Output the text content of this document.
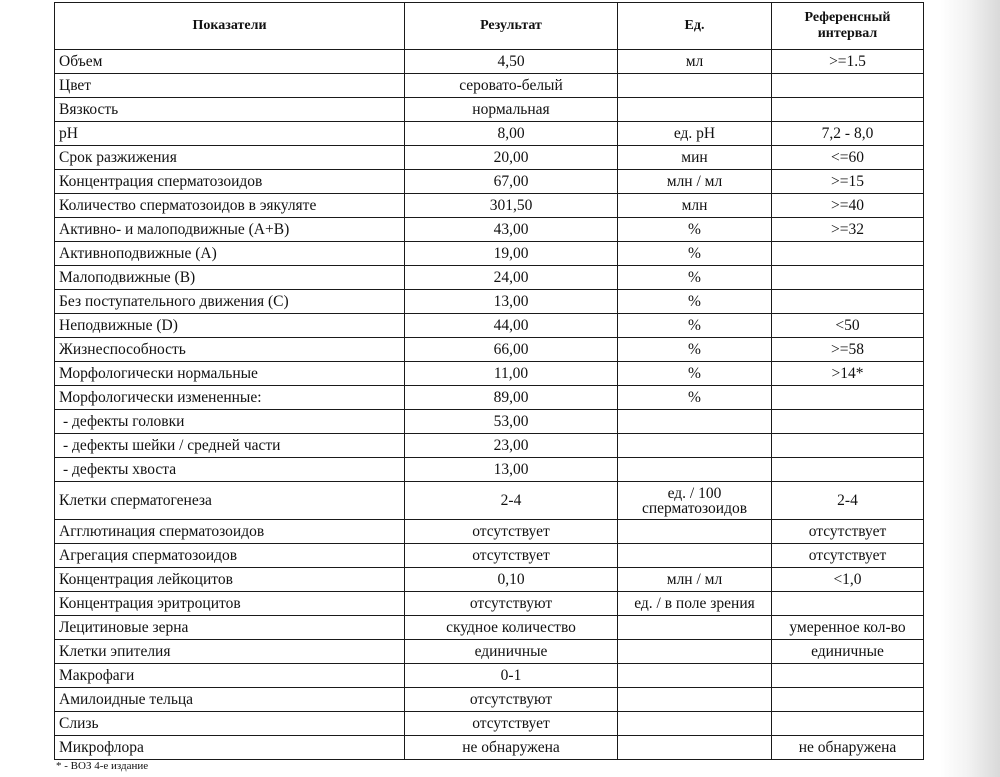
Показатели	Результат	Ед.	Референсный интервал
Объем	4,50	мл	>=1.5
Цвет	серовато-белый		
Вязкость	нормальная		
pH	8,00	ед. pH	7,2 - 8,0
Срок разжижения	20,00	мин	<=60
Концентрация сперматозоидов	67,00	млн / мл	>=15
Количество сперматозоидов в эякуляте	301,50	млн	>=40
Активно- и малоподвижные (A+B)	43,00	%	>=32
Активноподвижные (A)	19,00	%	
Малоподвижные (B)	24,00	%	
Без поступательного движения (C)	13,00	%	
Неподвижные (D)	44,00	%	<50
Жизнеспособность	66,00	%	>=58
Морфологически нормальные	11,00	%	>14*
Морфологически измененные:	89,00	%	
- дефекты головки	53,00		
- дефекты шейки / средней части	23,00		
- дефекты хвоста	13,00		
Клетки сперматогенеза	2-4	ед. / 100 сперматозоидов	2-4
Агглютинация сперматозоидов	отсутствует		отсутствует
Агрегация сперматозоидов	отсутствует		отсутствует
Концентрация лейкоцитов	0,10	млн / мл	<1,0
Концентрация эритроцитов	отсутствуют	ед. / в поле зрения	
Лецитиновые зерна	скудное количество		умеренное кол-во
Клетки эпителия	единичные		единичные
Макрофаги	0-1		
Амилоидные тельца	отсутствуют		
Слизь	отсутствует		
Микрофлора	не обнаружена		не обнаружена
* - ВОЗ 4-е издание
